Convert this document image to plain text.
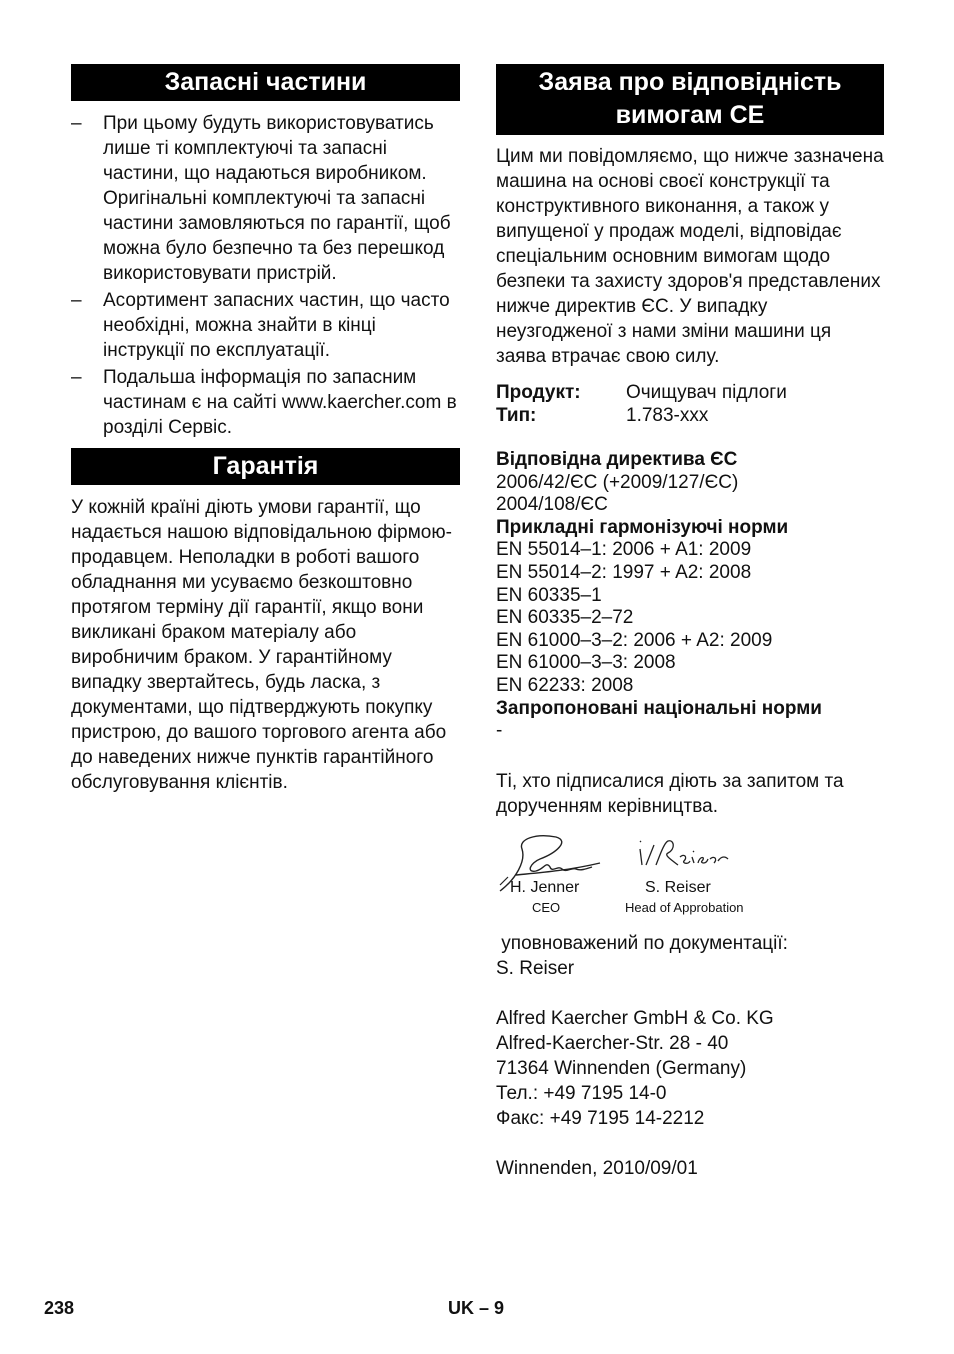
Запасні частини
–	При цьому будуть використовуватись лише ті комплектуючі та запасні частини, що надаються виробником. Оригінальні комплектуючі та запасні частини замовляються по гарантії, щоб можна було безпечно та без перешкод використовувати пристрій.
–	Асортимент запасних частин, що часто необхідні, можна знайти в кінці інструкції по експлуатації.
–	Подальша інформація по запасним частинам є на сайті www.kaercher.com в розділі Сервіс.
Гарантія

У кожній країні діють умови гарантії, що надається нашою відповідальною фірмою-продавцем. Неполадки в роботі вашого обладнання ми усуваємо безкоштовно протягом терміну дії гарантії, якщо вони викликані браком матеріалу або виробничим браком. У гарантійному випадку звертайтесь, будь ласка, з документами, що підтверджують покупку пристрою, до вашого торгового агента або до наведених нижче пунктів гарантійного обслуговування клієнтів.

Заява про відповідність
вимогам СЕ

Цим ми повідомляємо, що нижче зазначена машина на основі своєї конструкції та конструктивного виконання, а також у випущеної у продаж моделі, відповідає спеціальним основним вимогам щодо безпеки та захисту здоров'я представлених нижче директив ЄС. У випадку неузгодженої з нами зміни машини ця заява втрачає свою силу.

Продукт:	Очищувач підлоги
Тип:	1.783-xxx
Відповідна директива ЄС
2006/42/ЄС (+2009/127/ЄС)
2004/108/ЄС
Прикладні гармонізуючі норми
EN 55014–1: 2006 + A1: 2009
EN 55014–2: 1997 + A2: 2008
EN 60335–1
EN 60335–2–72
EN 61000–3–2: 2006 + A2: 2009
EN 61000–3–3: 2008
EN 62233: 2008
Запропоновані національні норми
-

Ті, хто підписалися діють за запитом та дорученням керівництва.

H. Jenner
CEO
S. Reiser
Head of Approbation
уповноважений по документації:
S. Reiser
Alfred Kaercher GmbH & Co. KG
Alfred-Kaercher-Str. 28 - 40
71364 Winnenden (Germany)
Тел.: +49 7195 14-0
Факс: +49 7195 14-2212
Winnenden, 2010/09/01
238	UK – 9
